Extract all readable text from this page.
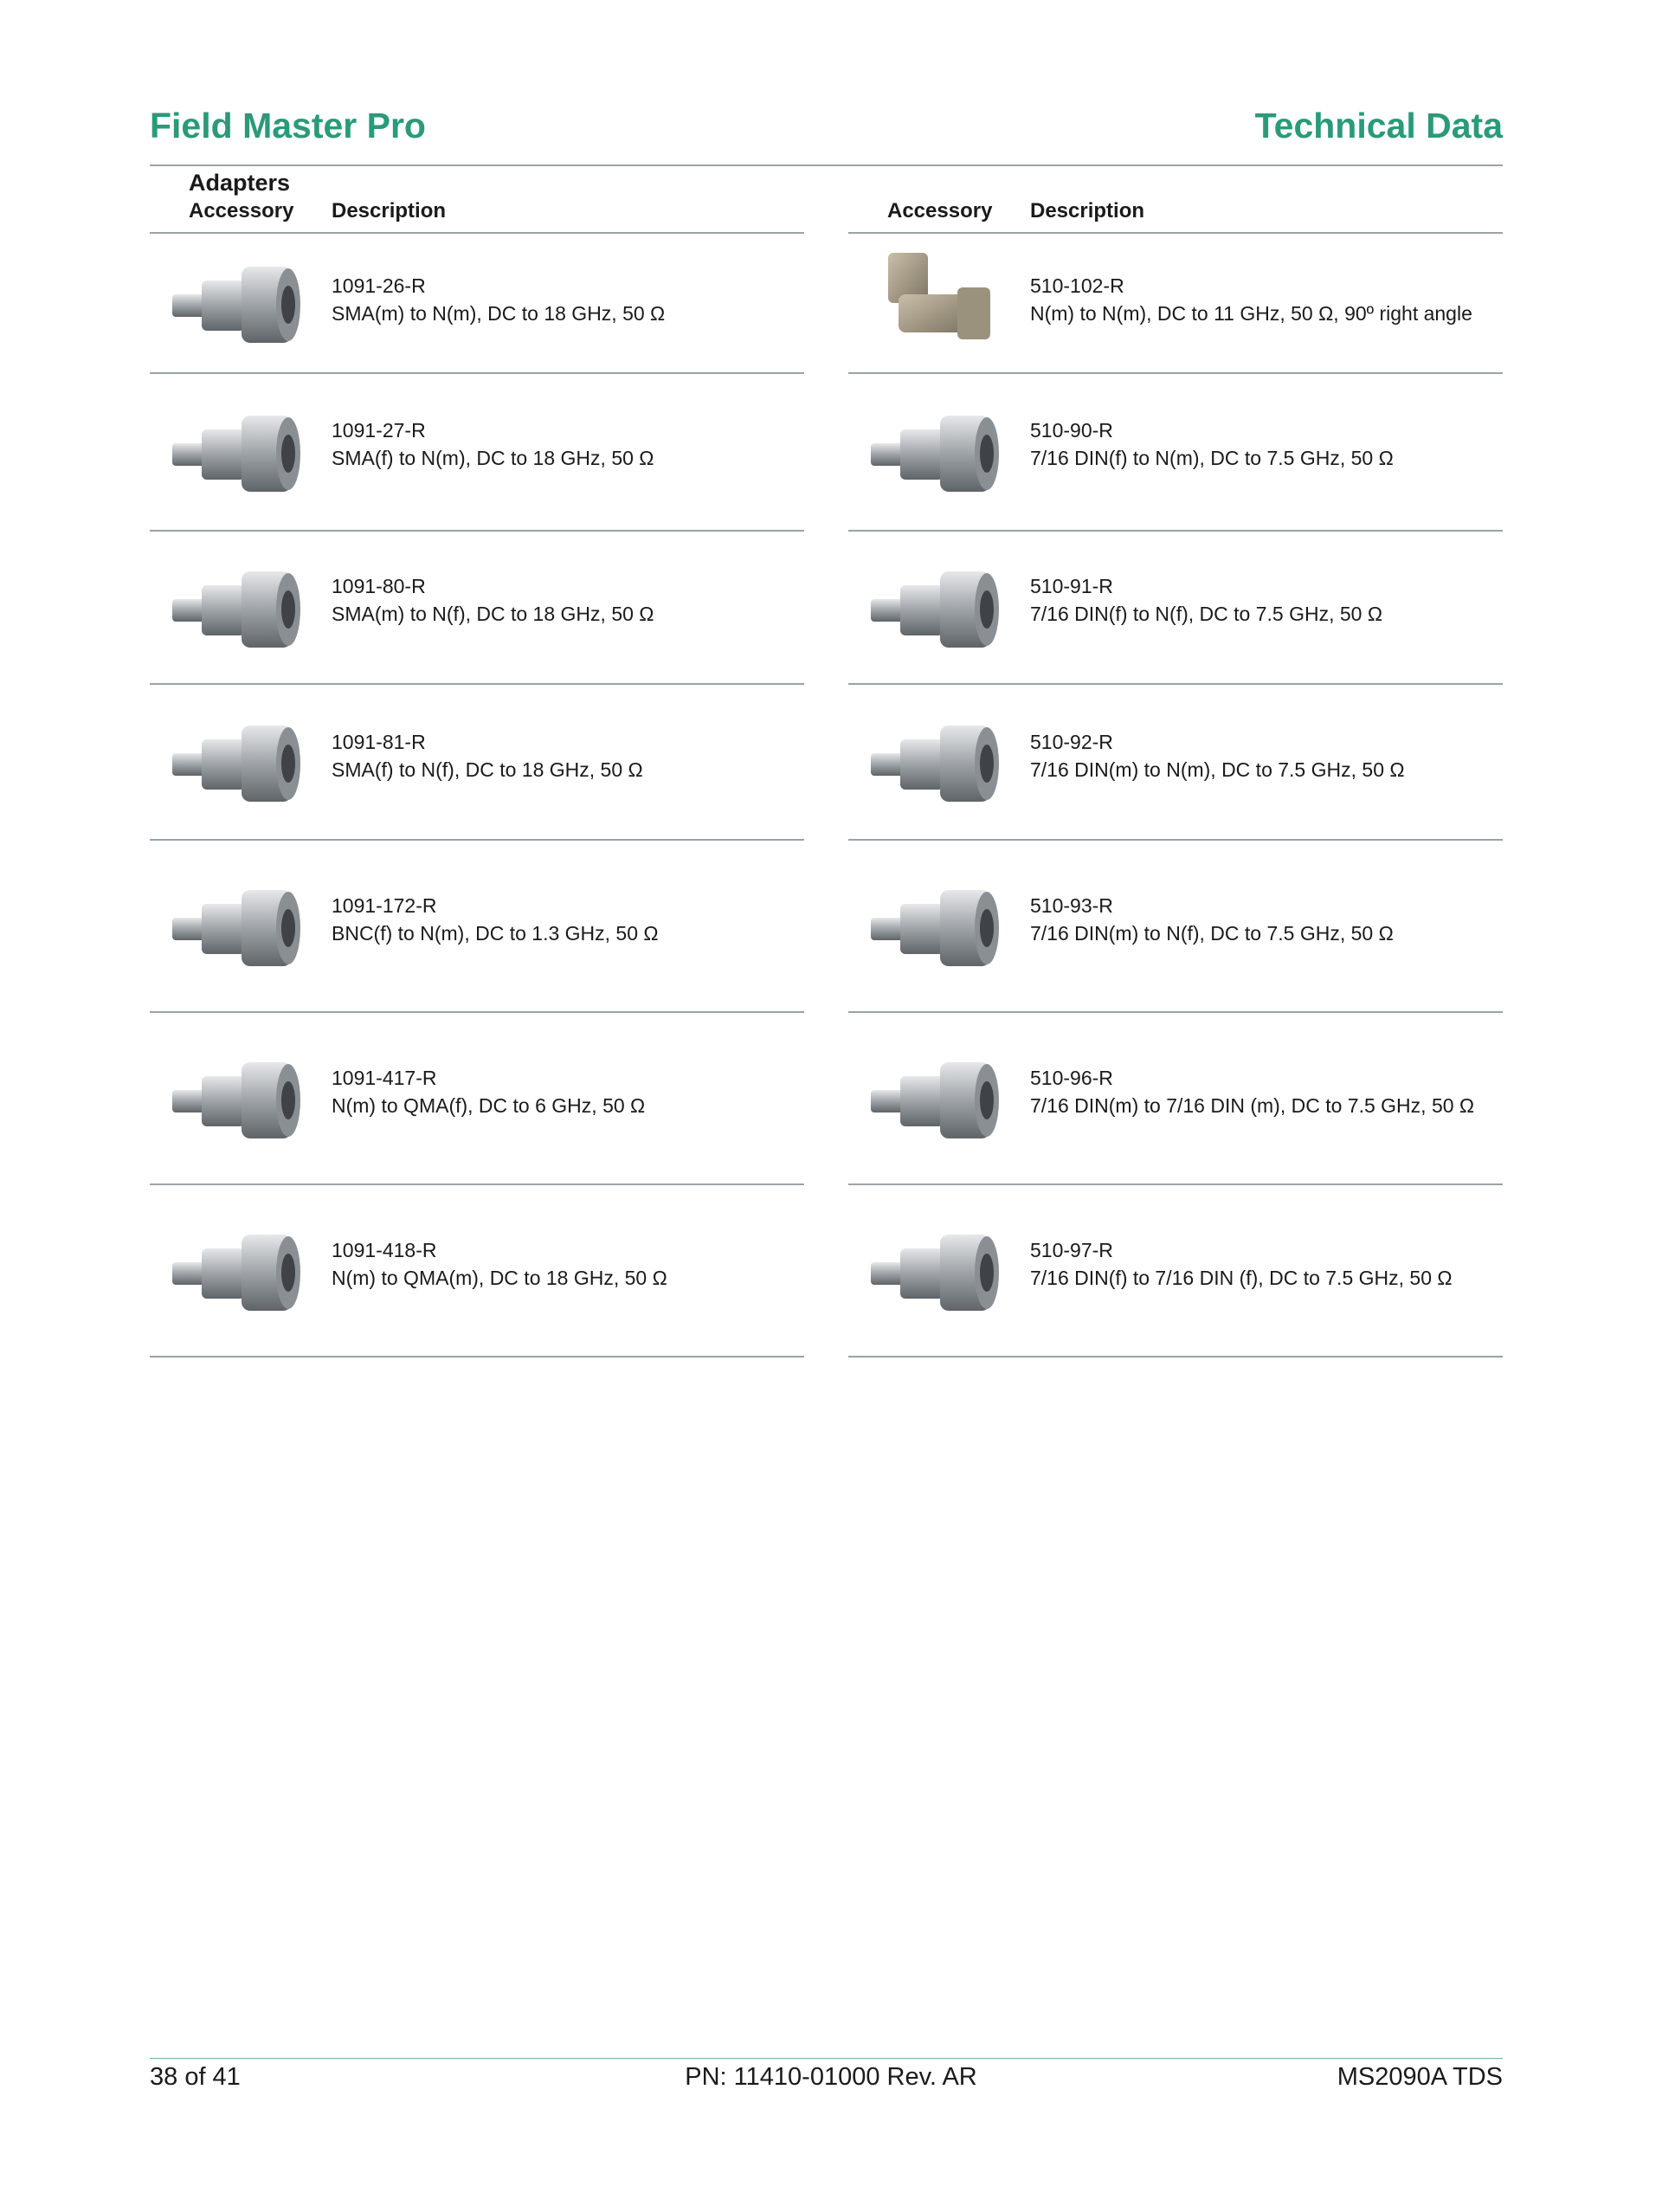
Field Master Pro	Technical Data
Adapters
Accessory Description
1091-26-R
SMA(m) to N(m), DC to 18 GHz, 50 Ω
1091-27-R
SMA(f) to N(m), DC to 18 GHz, 50 Ω
1091-80-R
SMA(m) to N(f), DC to 18 GHz, 50 Ω
1091-81-R
SMA(f) to N(f), DC to 18 GHz, 50 Ω
1091-172-R
BNC(f) to N(m), DC to 1.3 GHz, 50 Ω
1091-417-R
N(m) to QMA(f), DC to 6 GHz, 50 Ω
1091-418-R
N(m) to QMA(m), DC to 18 GHz, 50 Ω
Accessory Description
510-102-R
N(m) to N(m), DC to 11 GHz, 50 Ω, 90º right angle
510-90-R
7/16 DIN(f) to N(m), DC to 7.5 GHz, 50 Ω
510-91-R
7/16 DIN(f) to N(f), DC to 7.5 GHz, 50 Ω
510-92-R
7/16 DIN(m) to N(m), DC to 7.5 GHz, 50 Ω
510-93-R
7/16 DIN(m) to N(f), DC to 7.5 GHz, 50 Ω
510-96-R
7/16 DIN(m) to 7/16 DIN (m), DC to 7.5 GHz, 50 Ω
510-97-R
7/16 DIN(f) to 7/16 DIN (f), DC to 7.5 GHz, 50 Ω
38 of 41	PN: 11410-01000 Rev. AR	MS2090A TDS
